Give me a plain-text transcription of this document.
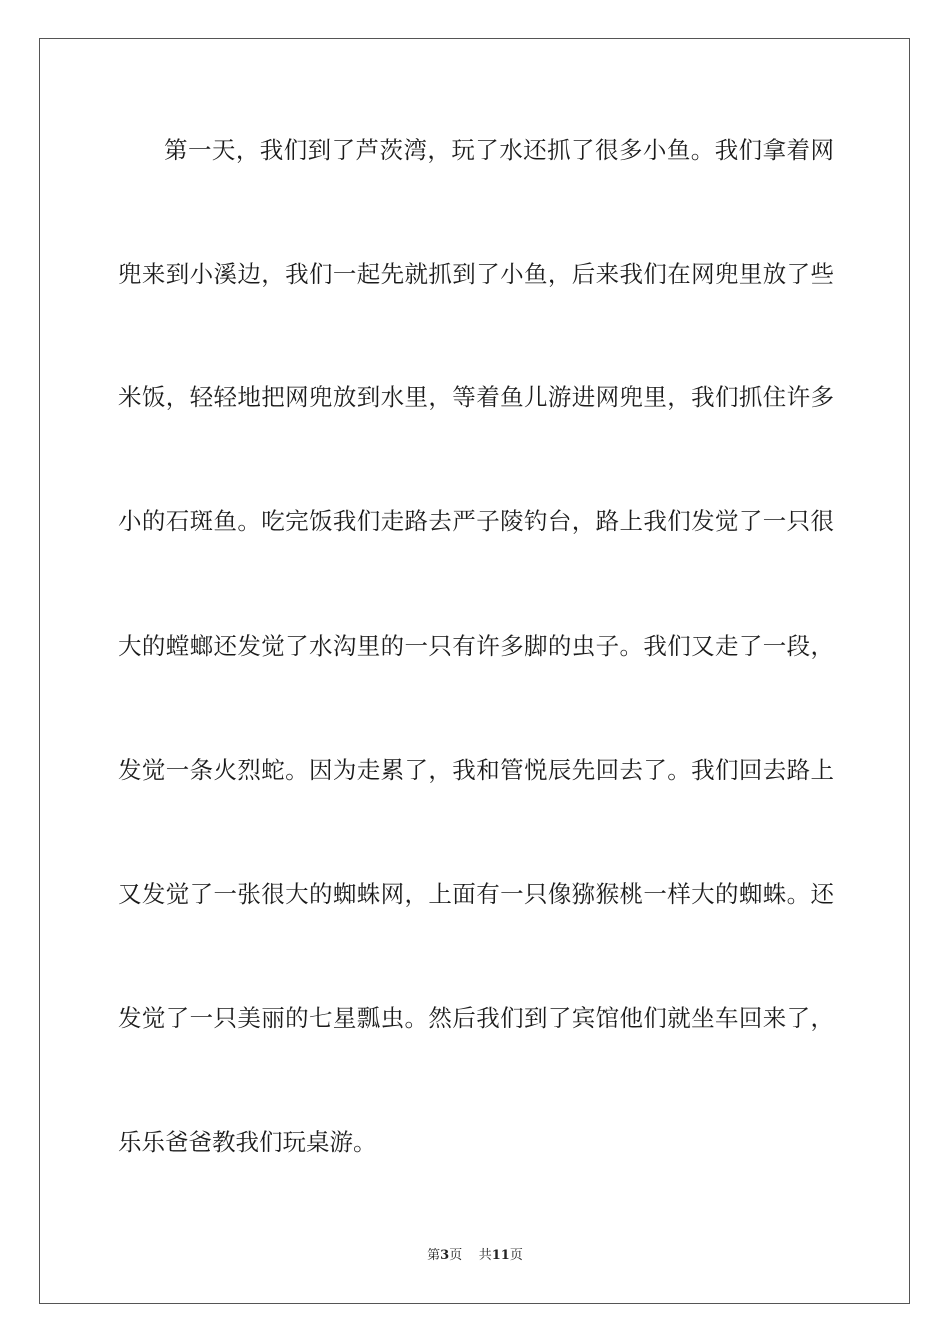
第一天，我们到了芦茨湾，玩了水还抓了很多小鱼。我们拿着网
兜来到小溪边，我们一起先就抓到了小鱼，后来我们在网兜里放了些
米饭，轻轻地把网兜放到水里，等着鱼儿游进网兜里，我们抓住许多
小的石斑鱼。吃完饭我们走路去严子陵钓台，路上我们发觉了一只很
大的螳螂还发觉了水沟里的一只有许多脚的虫子。我们又走了一段，
发觉一条火烈蛇。因为走累了，我和管悦辰先回去了。我们回去路上
又发觉了一张很大的蜘蛛网，上面有一只像猕猴桃一样大的蜘蛛。还
发觉了一只美丽的七星瓢虫。然后我们到了宾馆他们就坐车回来了，
乐乐爸爸教我们玩桌游。
第3页 共11页
